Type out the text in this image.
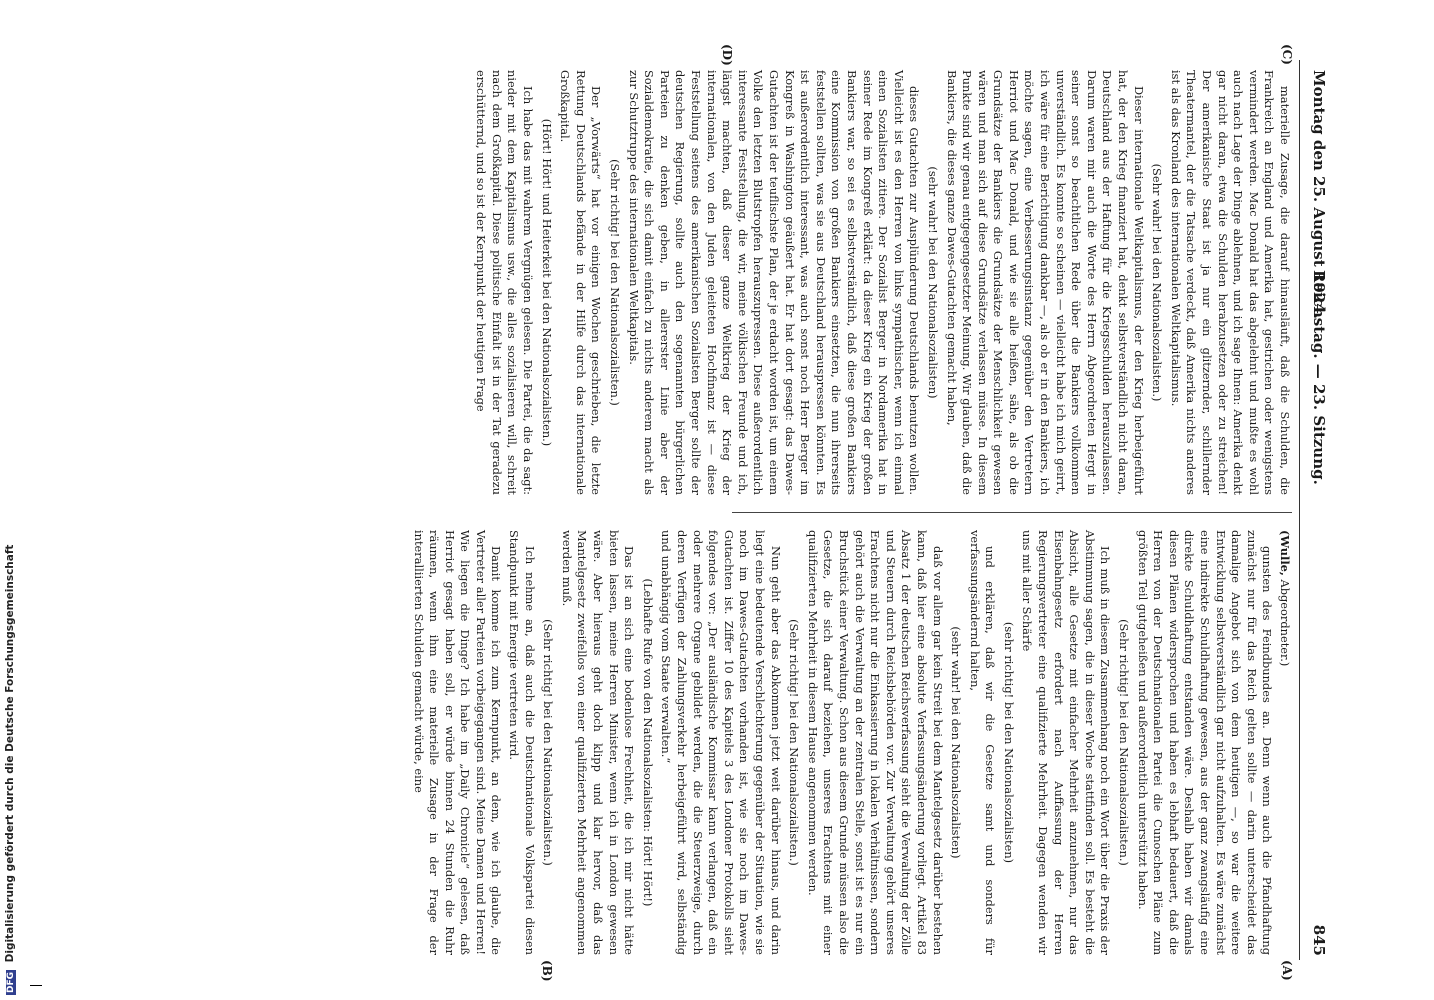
Montag den 25. August 1924.
Reichstag. — 23. Sitzung.
845
(A)
(B)
(C)
(D)

(Wulle, Abgeordneter.)

gunsten des Feindbundes an. Denn wenn auch die Pfandhaftung zunächst nur für das Reich gelten sollte — darin unterscheidet das damalige Angebot sich von dem heutigen —, so war die weitere Entwicklung selbstverständlich gar nicht aufzuhalten. Es wäre zunächst eine indirekte Schuldhaftung gewesen, aus der ganz zwangsläufig eine direkte Schuldhaftung entstanden wäre. Deshalb haben wir damals diesen Plänen widersprochen und haben es lebhaft bedauert, daß die Herren von der Deutschnationalen Partei die Cunoschen Pläne zum größten Teil gutgeheißen und außerordentlich unterstützt haben.

(Sehr richtig! bei den Nationalsozialisten.)

Ich muß in diesem Zusammenhang noch ein Wort über die Praxis der Abstimmung sagen, die in dieser Woche stattfinden soll. Es besteht die Absicht, alle Gesetze mit einfacher Mehrheit anzunehmen, nur das Eisenbahngesetz erfordert nach Auffassung der Herren Regierungsvertreter eine qualifizierte Mehrheit. Dagegen wenden wir uns mit aller Schärfe

(sehr richtig! bei den Nationalsozialisten)

und erklären, daß wir die Gesetze samt und sonders für verfassungsändernd halten,

(sehr wahr! bei den Nationalsozialisten)

daß vor allem gar kein Streit bei dem Mantelgesetz darüber bestehen kann, daß hier eine absolute Verfassungsänderung vorliegt. Artikel 83 Absatz 1 der deutschen Reichsverfassung sieht die Verwaltung der Zölle und Steuern durch Reichsbehörden vor. Zur Verwaltung gehört unseres Erachtens nicht nur die Einkassierung in lokalen Verhältnissen, sondern gehört auch die Verwaltung an der zentralen Stelle, sonst ist es nur ein Bruchstück einer Verwaltung. Schon aus diesem Grunde müssen also die Gesetze, die sich darauf beziehen, unseres Erachtens mit einer qualifizierten Mehrheit in diesem Hause angenommen werden.

(Sehr richtig! bei den Nationalsozialisten.)

Nun geht aber das Abkommen jetzt weit darüber hinaus, und darin liegt eine bedeutende Verschlechterung gegenüber der Situation, wie sie noch im Dawes-Gutachten vorhanden ist, wie sie noch im Dawes-Gutachten ist. Ziffer 10 des Kapitels 3 des Londoner Protokolls sieht folgendes vor: „Der ausländische Kommissar kann verlangen, daß ein oder mehrere Organe gebildet werden, die die Steuerzweige, durch deren Verfügen der Zahlungsverkehr herbeigeführt wird, selbständig und unabhängig vom Staate verwalten.“

(Lebhafte Rufe von den Nationalsozialisten: Hört! Hört!)

Das ist an sich eine bodenlose Frechheit, die ich mir nicht hätte bieten lassen, meine Herren Minister, wenn ich in London gewesen wäre. Aber hieraus geht doch klipp und klar hervor, daß das Mantelgesetz zweifellos von einer qualifizierten Mehrheit angenommen werden muß.

(Sehr richtig! bei den Nationalsozialisten.)

Ich nehme an, daß auch die Deutschnationale Volkspartei diesen Standpunkt mit Energie vertreten wird.

Damit komme ich zum Kernpunkt, an dem, wie ich glaube, die Vertreter aller Parteien vorbeigegangen sind. Meine Damen und Herren! Wie liegen die Dinge? Ich habe im „Daily Chronicle“ gelesen, daß Herriot gesagt haben soll, er würde binnen 24 Stunden die Ruhr räumen, wenn ihm eine materielle Zusage in der Frage der interalliierten Schulden gemacht würde, eine

materielle Zusage, die darauf hinausläuft, daß die Schulden, die Frankreich an England und Amerika hat, gestrichen oder wenigstens vermindert werden. Mac Donald hat das abgelehnt und mußte es wohl auch nach Lage der Dinge ablehnen, und ich sage Ihnen: Amerika denkt gar nicht daran, etwa die Schulden herabzusetzen oder zu streichen! Der amerikanische Staat ist ja nur ein glitzernder, schillernder Theatermantel, der die Tatsache verdeckt, daß Amerika nichts anderes ist als das Kronland des internationalen Weltkapitalismus.

(Sehr wahr! bei den Nationalsozialisten.)

Dieser internationale Weltkapitalismus, der den Krieg herbeigeführt hat, der den Krieg finanziert hat, denkt selbstverständlich nicht daran, Deutschland aus der Haftung für die Kriegsschulden herauszulassen. Darum waren mir auch die Worte des Herrn Abgeordneten Hergt in seiner sonst so beachtlichen Rede über die Bankiers vollkommen unverständlich. Es konnte so scheinen — vielleicht habe ich mich geirrt, ich wäre für eine Berichtigung dankbar —, als ob er in den Bankiers, ich möchte sagen, eine Verbesserungsinstanz gegenüber den Vertretern Herriot und Mac Donald, und wie sie alle heißen, sähe, als ob die Grundsätze der Bankiers die Grundsätze der Menschlichkeit gewesen wären und man sich auf diese Grundsätze verlassen müsse. In diesem Punkte sind wir genau entgegengesetzter Meinung. Wir glauben, daß die Bankiers, die dieses ganze Dawes-Gutachten gemacht haben,

(sehr wahr! bei den Nationalsozialisten)

dieses Gutachten zur Ausplünderung Deutschlands benutzen wollen. Vielleicht ist es den Herren von links sympathischer, wenn ich einmal einen Sozialisten zitiere. Der Sozialist Berger in Nordamerika hat in seiner Rede im Kongreß erklärt: da dieser Krieg ein Krieg der großen Bankiers war, so sei es selbstverständlich, daß diese großen Bankiers eine Kommission von großen Bankiers einsetzten, die nun ihrerseits feststellen sollten, was sie aus Deutschland herauspressen könnten. Es ist außerordentlich interessant, was auch sonst noch Herr Berger im Kongreß in Washington geäußert hat. Er hat dort gesagt: das Dawes-Gutachten ist der teuflischste Plan, der je erdacht worden ist, um einem Volke den letzten Blutstropfen herauszupressen. Diese außerordentlich interessante Feststellung, die wir, meine völkischen Freunde und ich, längst machten, daß dieser ganze Weltkrieg der Krieg der internationalen, von den Juden geleiteten Hochfinanz ist — diese Feststellung seitens des amerikanischen Sozialisten Berger sollte der deutschen Regierung, sollte auch den sogenannten bürgerlichen Parteien zu denken geben, in allererster Linie aber der Sozialdemokratie, die sich damit einfach zu nichts anderem macht als zur Schutztruppe des internationalen Weltkapitals.

(Sehr richtig! bei den Nationalsozialisten.)

Der „Vorwärts“ hat vor einigen Wochen geschrieben, die letzte Rettung Deutschlands befände in der Hilfe durch das internationale Großkapital.

(Hört! Hört! und Heiterkeit bei den Nationalsozialisten.)

Ich habe das mit wahrem Vergnügen gelesen. Die Partei, die da sagt: nieder mit dem Kapitalismus usw., die alles sozialisieren will, schreit nach dem Großkapital. Diese politische Einfalt ist in der Tat geradezu erschütternd, und so ist der Kernpunkt der heutigen Frage

DFG Digitalisierung gefördert durch die Deutsche Forschungsgemeinschaft
